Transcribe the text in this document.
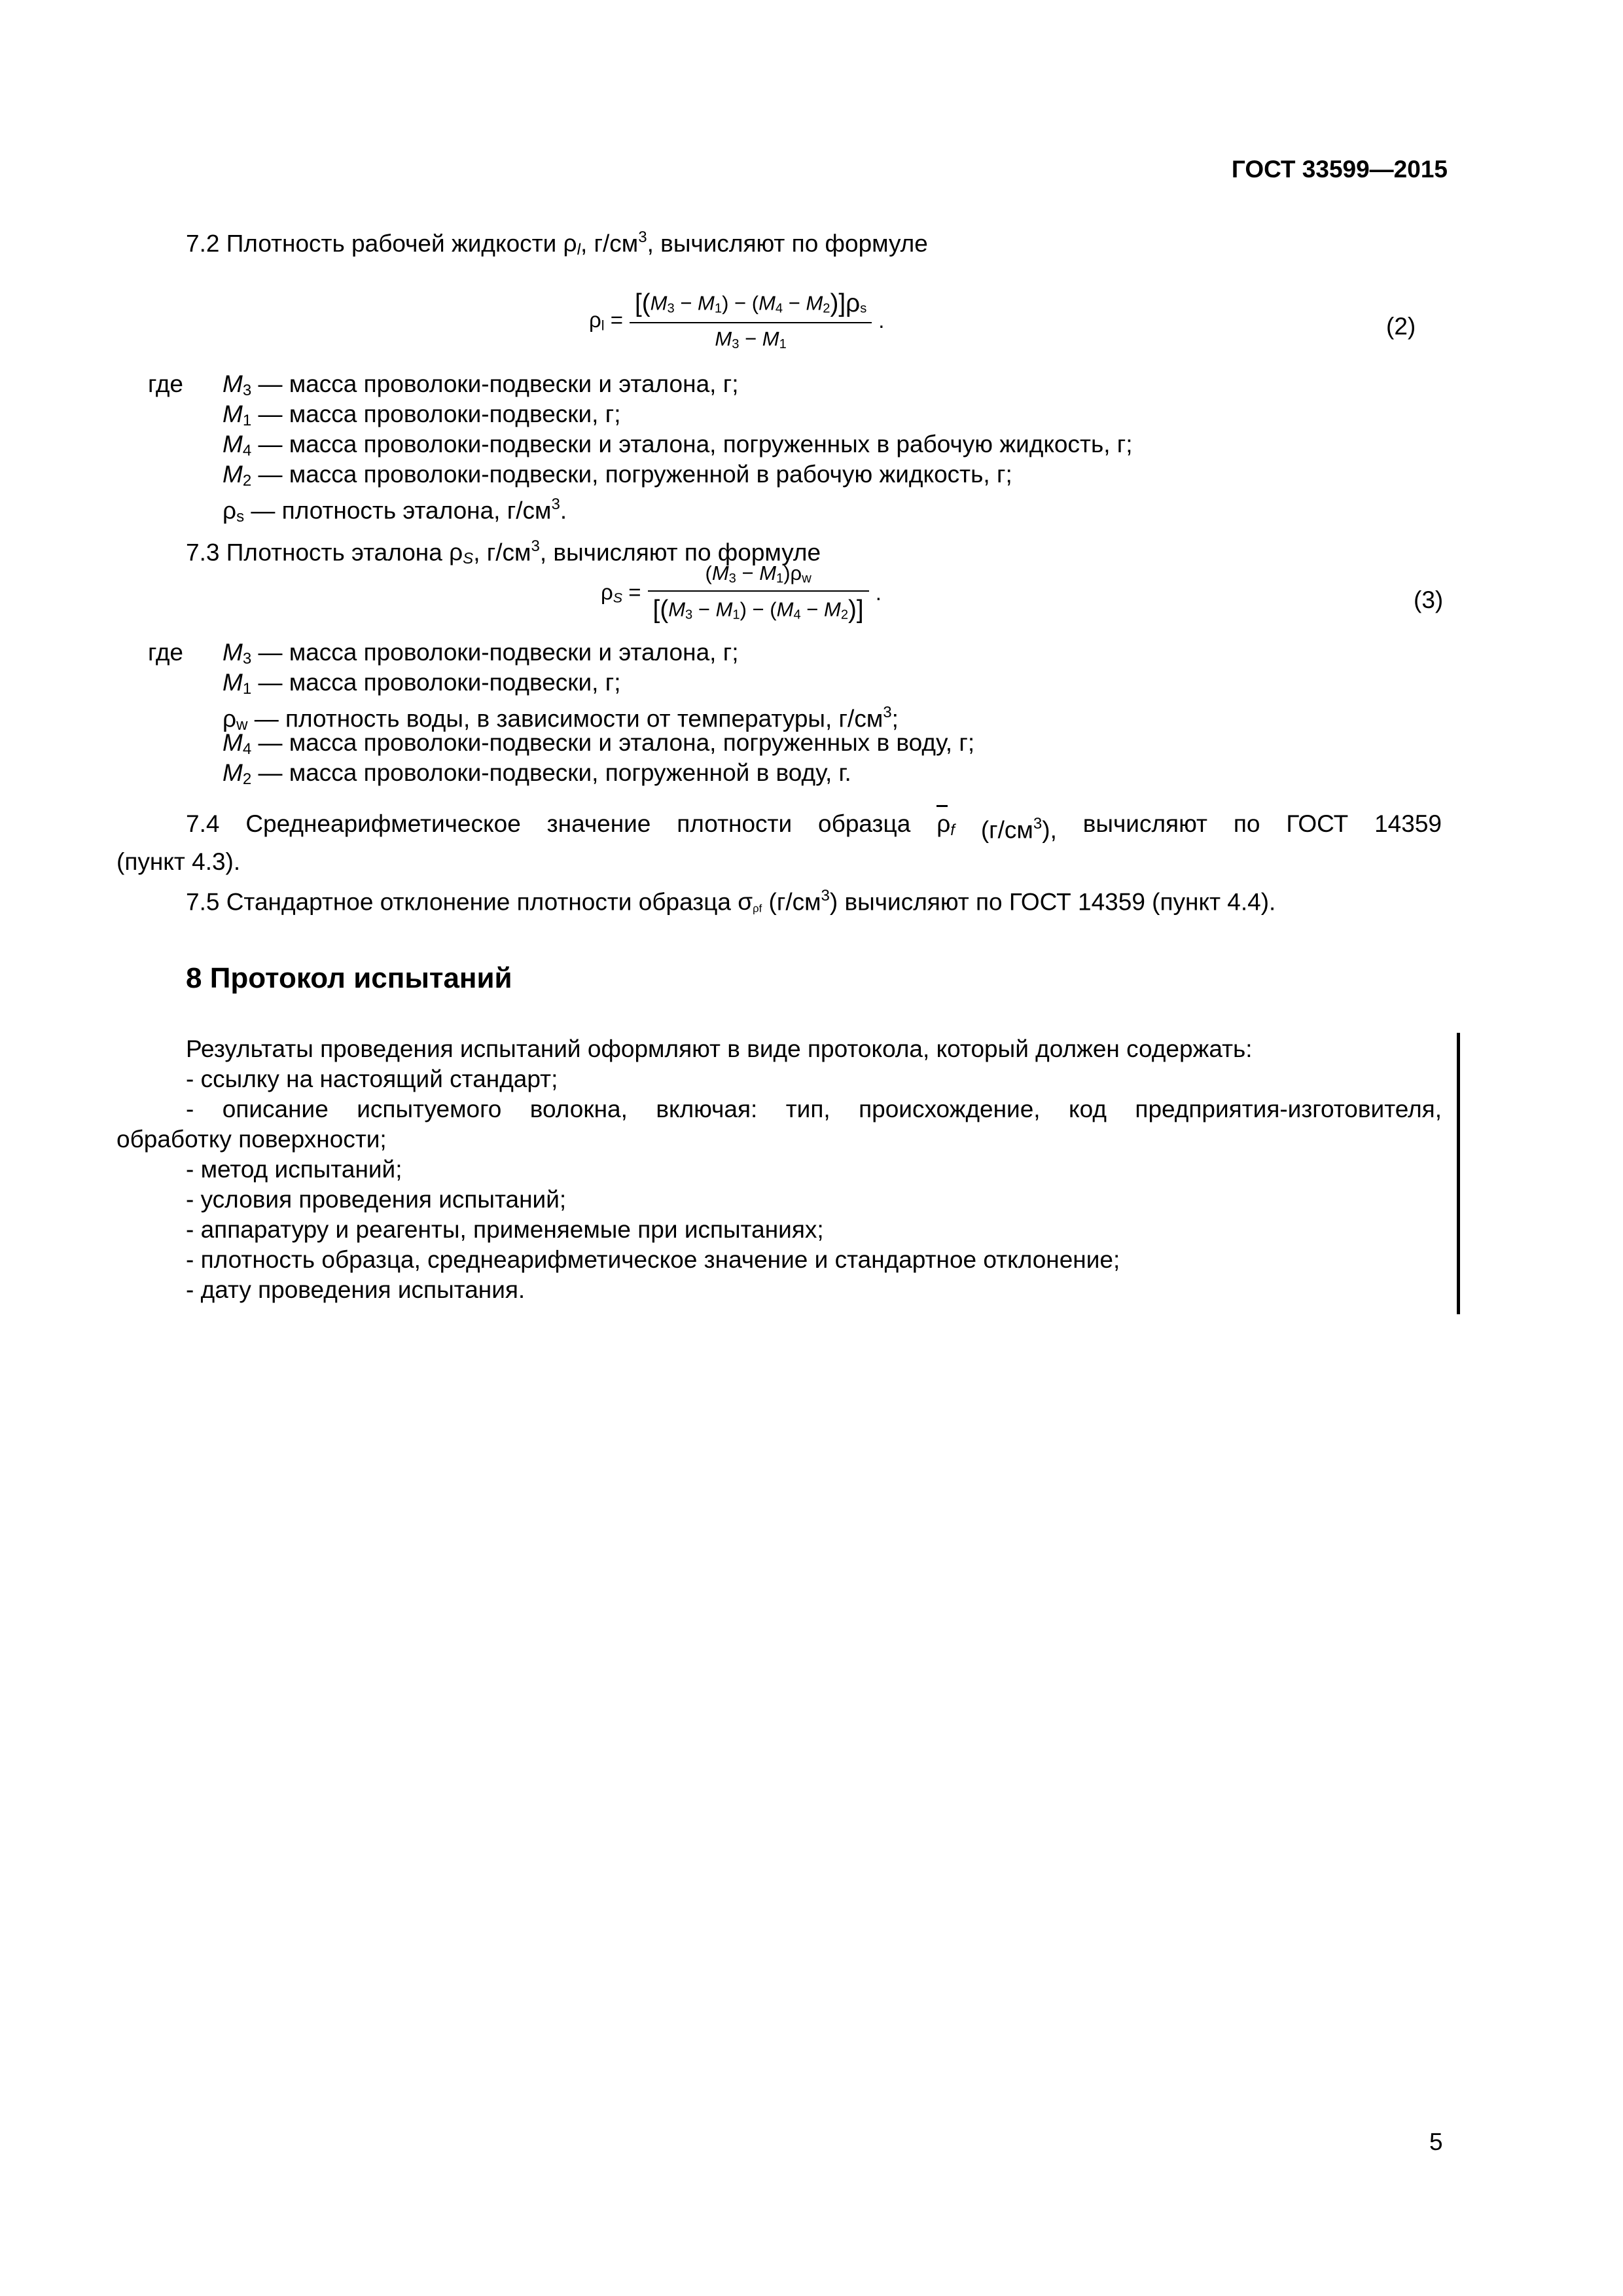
ГОСТ 33599—2015
7.2 Плотность рабочей жидкости ρl, $г/см^3$, вычисляют по формуле
$\rho_l = \frac{[(M_3 - M_1) - (M_4 - M_2)]\rho_s}{M_3 - M_1}$ .	(2)
где M3 — масса проволоки-подвески и эталона, г;
M1 — масса проволоки-подвески, г;
M4 — масса проволоки-подвески и эталона, погруженных в рабочую жидкость, г;
M2 — масса проволоки-подвески, погруженной в рабочую жидкость, г;
ρs — плотность эталона, $г/см^3$.
7.3 Плотность эталона ρS, $г/см^3$, вычисляют по формуле
$\rho_S = \frac{(M_3 - M_1)\rho_w}{[(M_3 - M_1) - (M_4 - M_2)]}$ .	(3)
где M3 — масса проволоки-подвески и эталона, г;
M1 — масса проволоки-подвески, г;
ρw — плотность воды, в зависимости от температуры, $г/см^3$;
M4 — масса проволоки-подвески и эталона, погруженных в воду, г;
M2 — масса проволоки-подвески, погруженной в воду, г.
7.4 Среднеарифметическое значение плотности образца ρf $(г/см^3)$, вычисляют по ГОСТ 14359
(пункт 4.3).
7.5 Стандартное отклонение плотности образца $\sigma_{\rho f}$ $(г/см^3)$ вычисляют по ГОСТ 14359 (пункт 4.4).
8 Протокол испытаний
Результаты проведения испытаний оформляют в виде протокола, который должен содержать:
- ссылку на настоящий стандарт;
- описание испытуемого волокна, включая: тип, происхождение, код предприятия-изготовителя,
обработку поверхности;
- метод испытаний;
- условия проведения испытаний;
- аппаратуру и реагенты, применяемые при испытаниях;
- плотность образца, среднеарифметическое значение и стандартное отклонение;
- дату проведения испытания.
5
